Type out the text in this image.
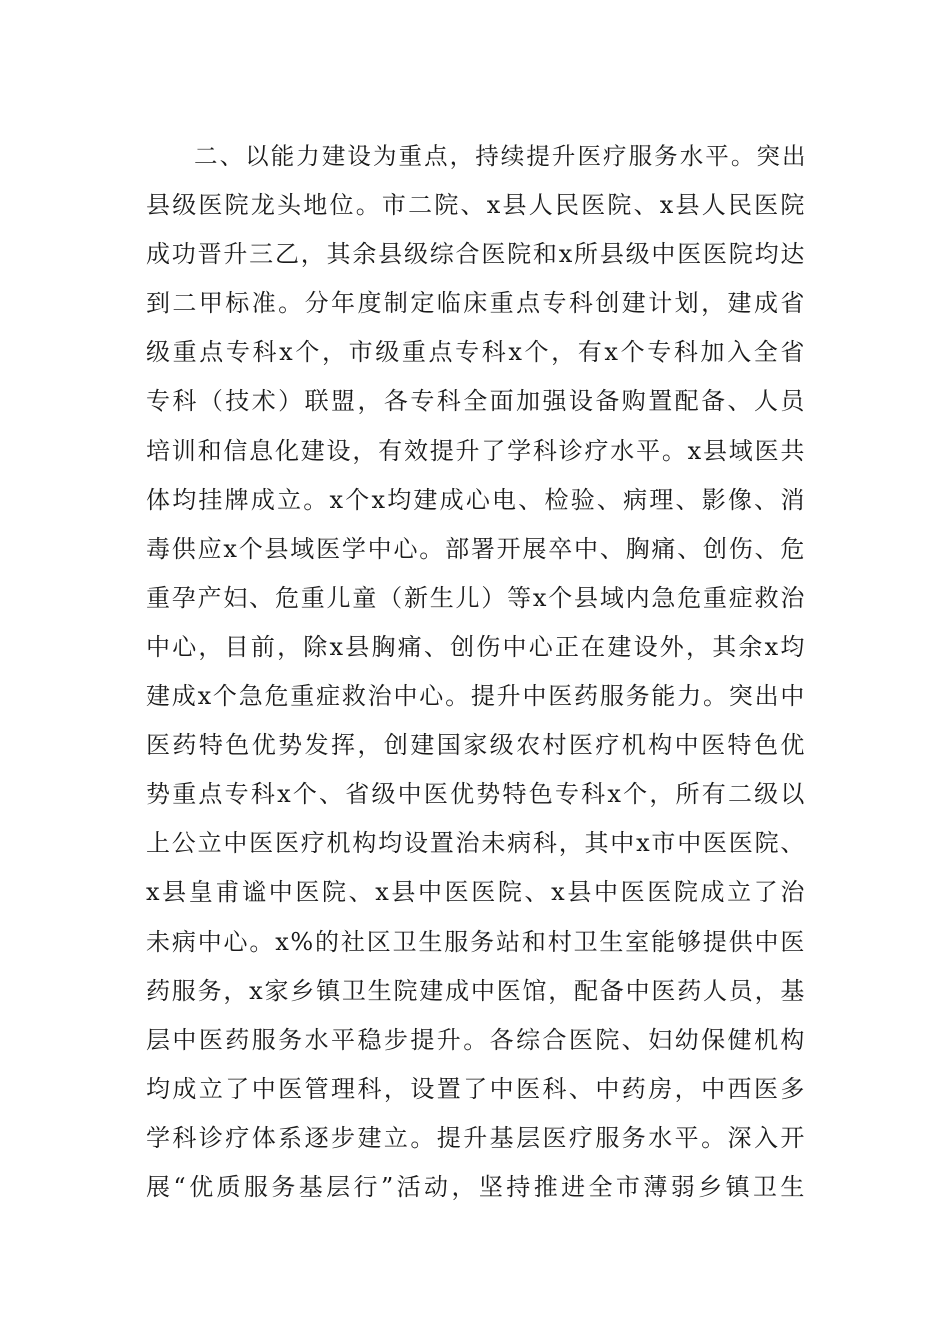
二、以能力建设为重点，持续提升医疗服务水平。突出
县级医院龙头地位。市二院、x县人民医院、x县人民医院
成功晋升三乙，其余县级综合医院和x所县级中医医院均达
到二甲标准。分年度制定临床重点专科创建计划，建成省
级重点专科x个，市级重点专科x个，有x个专科加入全省
专科（技术）联盟，各专科全面加强设备购置配备、人员
培训和信息化建设，有效提升了学科诊疗水平。x县域医共
体均挂牌成立。x个x均建成心电、检验、病理、影像、消
毒供应x个县域医学中心。部署开展卒中、胸痛、创伤、危
重孕产妇、危重儿童（新生儿）等x个县域内急危重症救治
中心，目前，除x县胸痛、创伤中心正在建设外，其余x均
建成x个急危重症救治中心。提升中医药服务能力。突出中
医药特色优势发挥，创建国家级农村医疗机构中医特色优
势重点专科x个、省级中医优势特色专科x个，所有二级以
上公立中医医疗机构均设置治未病科，其中x市中医医院、
x县皇甫谧中医院、x县中医医院、x县中医医院成立了治
未病中心。x%的社区卫生服务站和村卫生室能够提供中医
药服务，x家乡镇卫生院建成中医馆，配备中医药人员，基
层中医药服务水平稳步提升。各综合医院、妇幼保健机构
均成立了中医管理科，设置了中医科、中药房，中西医多
学科诊疗体系逐步建立。提升基层医疗服务水平。深入开
展“优质服务基层行”活动，坚持推进全市薄弱乡镇卫生
